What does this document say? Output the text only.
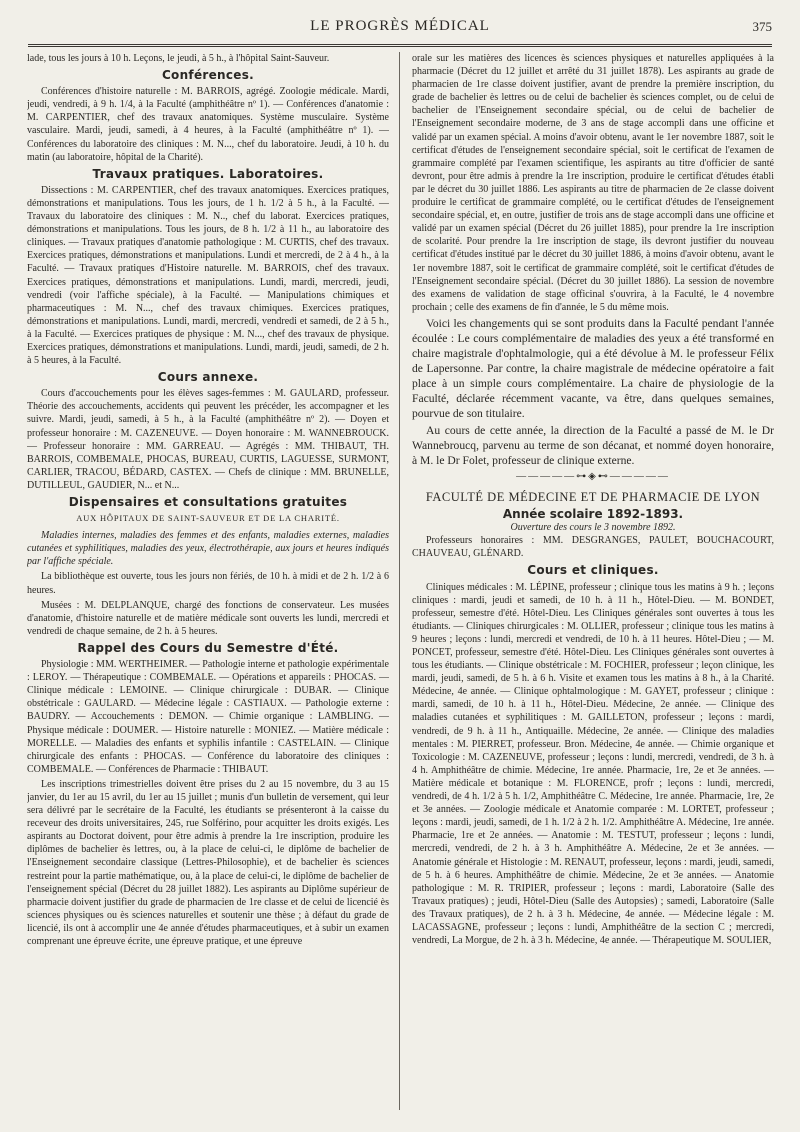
LE PROGRÈS MÉDICAL	375

lade, tous les jours à 10 h. Leçons, le jeudi, à 5 h., à l'hôpital Saint-Sauveur.

Conférences.

Conférences d'histoire naturelle : M. BARROIS, agrégé. Zoologie médicale. Mardi, jeudi, vendredi, à 9 h. 1/4, à la Faculté (amphithéâtre nº 1). — Conférences d'anatomie : M. CARPENTIER, chef des travaux anatomiques. Système musculaire. Système vasculaire. Mardi, jeudi, samedi, à 4 heures, à la Faculté (amphithéâtre nº 1). — Conférences du laboratoire des cliniques : M. N..., chef du laboratoire. Jeudi, à 10 h. du matin (au laboratoire, hôpital de la Charité).

Travaux pratiques. Laboratoires.

Dissections : M. CARPENTIER, chef des travaux anatomiques. Exercices pratiques, démonstrations et manipulations. Tous les jours, de 1 h. 1/2 à 5 h., à la Faculté. — Travaux du laboratoire des cliniques : M. N.., chef du laborat. Exercices pratiques, démonstrations et manipulations. Tous les jours, de 8 h. 1/2 à 11 h., au laboratoire des cliniques. — Travaux pratiques d'anatomie pathologique : M. CURTIS, chef des travaux. Exercices pratiques, démonstrations et manipulations. Lundi et mercredi, de 2 à 4 h., à la Faculté. — Travaux pratiques d'Histoire naturelle. M. BARROIS, chef des travaux. Exercices pratiques, démonstrations et manipulations. Lundi, mardi, mercredi, jeudi, vendredi (voir l'affiche spéciale), à la Faculté. — Manipulations chimiques et pharmaceutiques : M. N..., chef des travaux chimiques. Exercices pratiques, démonstrations et manipulations. Lundi, mardi, mercredi, vendredi et samedi, de 2 à 5 h., à la Faculté. — Exercices pratiques de physique : M. N..., chef des travaux de physique. Exercices pratiques, démonstrations et manipulations. Lundi, mardi, jeudi, samedi, de 2 h. à 5 heures, à la Faculté.

Cours annexe.

Cours d'accouchements pour les élèves sages-femmes : M. GAULARD, professeur. Théorie des accouchements, accidents qui peuvent les précéder, les accompagner et les suivre. Mardi, jeudi, samedi, à 5 h., à la Faculté (amphithéâtre nº 2). — Doyen et professeur honoraire : M. CAZENEUVE. — Doyen honoraire : M. WANNEBROUCK. — Professeur honoraire : MM. GARREAU. — Agrégés : MM. THIBAUT, TH. BARROIS, COMBEMALE, PHOCAS, BUREAU, CURTIS, LAGUESSE, SURMONT, CARLIER, TRACOU, BÉDARD, CASTEX. — Chefs de clinique : MM. BRUNELLE, DUTILLEUL, GAUDIER, N... et N...

Dispensaires et consultations gratuites
AUX HÔPITAUX DE SAINT-SAUVEUR ET DE LA CHARITÉ.

Maladies internes, maladies des femmes et des enfants, maladies externes, maladies cutanées et syphilitiques, maladies des yeux, électrothérapie, aux jours et heures indiqués par l'affiche spéciale.

La bibliothèque est ouverte, tous les jours non fériés, de 10 h. à midi et de 2 h. 1/2 à 6 heures.

Musées : M. DELPLANQUE, chargé des fonctions de conservateur. Les musées d'anatomie, d'histoire naturelle et de matière médicale sont ouverts les lundi, mercredi et vendredi de chaque semaine, de 2 h. à 5 heures.

Rappel des Cours du Semestre d'Été.

Physiologie : MM. WERTHEIMER. — Pathologie interne et pathologie expérimentale : LEROY. — Thérapeutique : COMBEMALE. — Opérations et appareils : PHOCAS. — Clinique médicale : LEMOINE. — Clinique chirurgicale : DUBAR. — Clinique obstétricale : GAULARD. — Médecine légale : CASTIAUX. — Pathologie externe : BAUDRY. — Accouchements : DEMON. — Chimie organique : LAMBLING. — Physique médicale : DOUMER. — Histoire naturelle : MONIEZ. — Matière médicale : MORELLE. — Maladies des enfants et syphilis infantile : CASTELAIN. — Clinique chirurgicale des enfants : PHOCAS. — Conférence du laboratoire des cliniques : COMBEMALE. — Conférences de Pharmacie : THIBAUT.

Les inscriptions trimestrielles doivent être prises du 2 au 15 novembre, du 3 au 15 janvier, du 1er au 15 avril, du 1er au 15 juillet ; munis d'un bulletin de versement, qui leur sera délivré par le secrétaire de la Faculté, les étudiants se présenteront à la caisse du receveur des droits universitaires, 245, rue Solférino, pour acquitter les droits exigés. Les aspirants au Doctorat doivent, pour être admis à prendre la 1re inscription, produire les diplômes de bachelier ès lettres, ou, à la place de celui-ci, le diplôme de bachelier de l'Enseignement secondaire classique (Lettres-Philosophie), et de bachelier ès sciences restreint pour la partie mathématique, ou, à la place de celui-ci, le diplôme de bachelier de l'enseignement spécial (Décret du 28 juillet 1882). Les aspirants au Diplôme supérieur de pharmacie doivent justifier du grade de pharmacien de 1re classe et de celui de licencié ès sciences physiques ou ès sciences naturelles et soutenir une thèse ; à défaut du grade de licencié, ils ont à accomplir une 4e année d'études pharmaceutiques, et à subir un examen comprenant une épreuve écrite, une épreuve pratique, et une épreuve

orale sur les matières des licences ès sciences physiques et naturelles appliquées à la pharmacie (Décret du 12 juillet et arrêté du 31 juillet 1878). Les aspirants au grade de pharmacien de 1re classe doivent justifier, avant de prendre la première inscription, du grade de bachelier ès lettres ou de celui de bachelier ès sciences complet, ou de celui de bachelier de l'Enseignement secondaire spécial, ou de celui de bachelier de l'Enseignement secondaire moderne, de 3 ans de stage accompli dans une officine et validé par un examen spécial. A moins d'avoir obtenu, avant le 1er novembre 1887, soit le certificat d'études de l'enseignement secondaire spécial, soit le certificat de l'examen de grammaire complété par l'examen scientifique, les aspirants au titre d'officier de santé devront, pour être admis à prendre la 1re inscription, produire le certificat d'études établi par le décret du 30 juillet 1886. Les aspirants au titre de pharmacien de 2e classe doivent produire le certificat de grammaire complété, ou le certificat d'études de l'enseignement secondaire spécial, et, en outre, justifier de trois ans de stage accompli dans une officine et validé par un examen spécial (Décret du 26 juillet 1885), pour prendre la 1re inscription de scolarité. Pour prendre la 1re inscription de stage, ils devront justifier du nouveau certificat d'études institué par le décret du 30 juillet 1886, à moins d'avoir obtenu, avant le 1er novembre 1887, soit le certificat de grammaire complété, soit le certificat d'études de l'Enseignement secondaire spécial. (Décret du 30 juillet 1886). La session de novembre des examens de validation de stage officinal s'ouvrira, à la Faculté, le 4 novembre prochain ; celle des examens de fin d'année, le 5 du même mois.

Voici les changements qui se sont produits dans la Faculté pendant l'année écoulée : Le cours complémentaire de maladies des yeux a été transformé en chaire magistrale d'ophtalmologie, qui a été dévolue à M. le professeur Félix de Lapersonne. Par contre, la chaire magistrale de médecine opératoire a fait place à un simple cours complémentaire. La chaire de physiologie de la Faculté, déclarée récemment vacante, va être, dans quelques semaines, pourvue de son titulaire.

Au cours de cette année, la direction de la Faculté a passé de M. le Dr Wannebroucq, parvenu au terme de son décanat, et nommé doyen honoraire, à M. le Dr Folet, professeur de clinique externe.

—————⊶◈⊷—————
FACULTÉ DE MÉDECINE ET DE PHARMACIE DE LYON
Année scolaire 1892-1893.
Ouverture des cours le 3 novembre 1892.

Professeurs honoraires : MM. DESGRANGES, PAULET, BOUCHACOURT, CHAUVEAU, GLÉNARD.

Cours et cliniques.

Cliniques médicales : M. LÉPINE, professeur ; clinique tous les matins à 9 h. ; leçons cliniques : mardi, jeudi et samedi, de 10 h. à 11 h., Hôtel-Dieu. — M. BONDET, professeur, semestre d'été. Hôtel-Dieu. Les Cliniques générales sont ouvertes à tous les étudiants. — Cliniques chirurgicales : M. OLLIER, professeur ; clinique tous les matins à 9 heures ; leçons : lundi, mercredi et vendredi, de 10 h. à 11 heures. Hôtel-Dieu ; — M. PONCET, professeur, semestre d'été. Hôtel-Dieu. Les Cliniques générales sont ouvertes à tous les étudiants. — Clinique obstétricale : M. FOCHIER, professeur ; leçon clinique, les mardi, jeudi, samedi, de 5 h. à 6 h. Visite et examen tous les matins à 8 h., à la Charité. Médecine, 4e année. — Clinique ophtalmologique : M. GAYET, professeur ; clinique : mardi, samedi, de 10 h. à 11 h., Hôtel-Dieu. Médecine, 2e année. — Clinique des maladies cutanées et syphilitiques : M. GAILLETON, professeur ; leçons : mardi, vendredi, de 9 h. à 11 h., Antiquaille. Médecine, 2e année. — Clinique des maladies mentales : M. PIERRET, professeur. Bron. Médecine, 4e année. — Chimie organique et Toxicologie : M. CAZENEUVE, professeur ; leçons : lundi, mercredi, vendredi, de 3 h. à 4 h. Amphithéâtre de chimie. Médecine, 1re année. Pharmacie, 1re, 2e et 3e années. — Matière médicale et botanique : M. FLORENCE, profr ; leçons : lundi, mercredi, vendredi, de 4 h. 1/2 à 5 h. 1/2, Amphithéâtre C. Médecine, 1re année. Pharmacie, 1re, 2e et 3e années. — Zoologie médicale et Anatomie comparée : M. LORTET, professeur ; leçons : mardi, jeudi, samedi, de 1 h. 1/2 à 2 h. 1/2. Amphithéâtre A. Médecine, 1re année. Pharmacie, 1re et 2e années. — Anatomie : M. TESTUT, professeur ; leçons : lundi, mercredi, vendredi, de 2 h. à 3 h. Amphithéâtre A. Médecine, 2e et 3e années. — Anatomie générale et Histologie : M. RENAUT, professeur, leçons : mardi, jeudi, samedi, de 5 h. à 6 heures. Amphithéâtre de chimie. Médecine, 2e et 3e années. — Anatomie pathologique : M. R. TRIPIER, professeur ; leçons : mardi, Laboratoire (Salle des Travaux pratiques) ; jeudi, Hôtel-Dieu (Salle des Autopsies) ; samedi, Laboratoire (Salle des Travaux pratiques), de 2 h. à 3 h. Médecine, 4e année. — Médecine légale : M. LACASSAGNE, professeur ; leçons : lundi, Amphithéâtre de la section C ; mercredi, vendredi, La Morgue, de 2 h. à 3 h. Médecine, 4e année. — Thérapeutique M. SOULIER,
